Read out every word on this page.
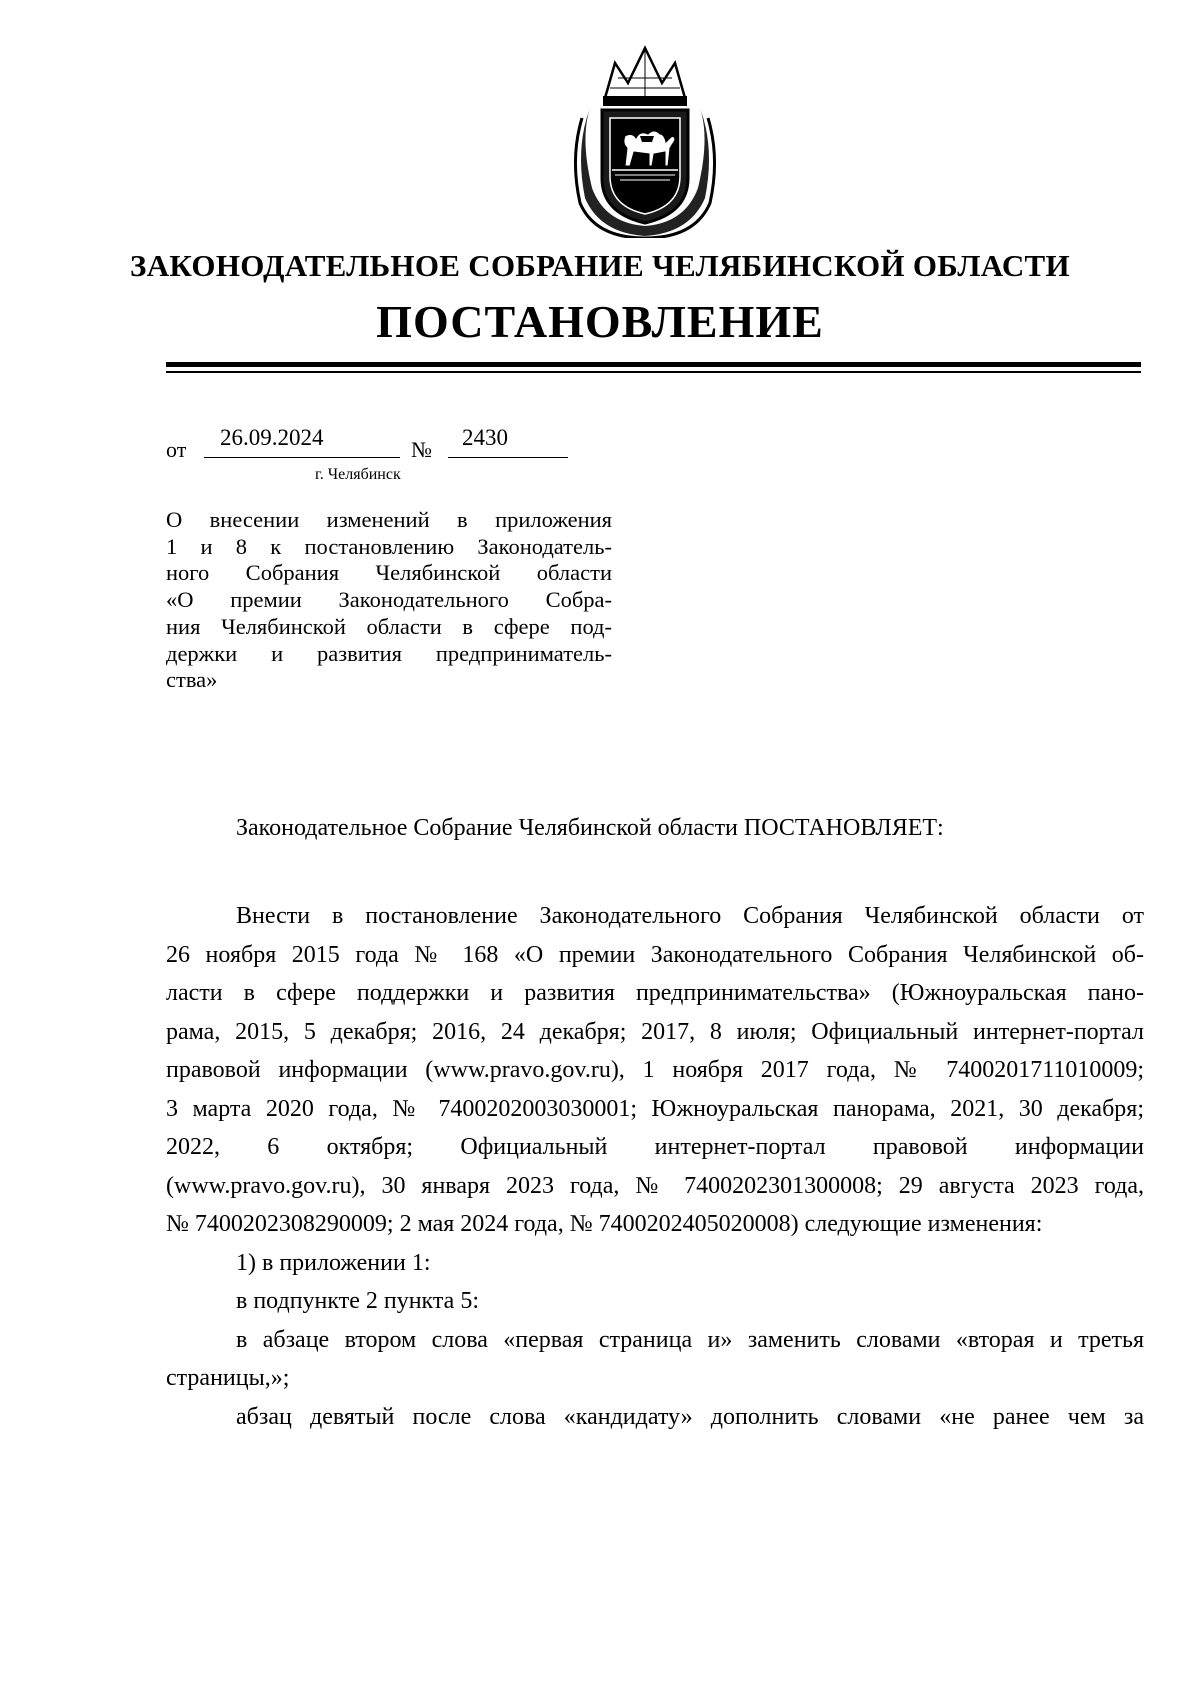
ЗАКОНОДАТЕЛЬНОЕ СОБРАНИЕ ЧЕЛЯБИНСКОЙ ОБЛАСТИ
ПОСТАНОВЛЕНИЕ
от	26.09.2024	№	2430
г. Челябинск
О внесении изменений в приложения
1 и 8 к постановлению Законодатель-
ного Собрания Челябинской области
«О премии Законодательного Собра-
ния Челябинской области в сфере под-
держки и развития предприниматель-
ства»
Законодательное Собрание Челябинской области ПОСТАНОВЛЯЕТ:
Внести в постановление Законодательного Собрания Челябинской области от
26 ноября 2015 года № 168 «О премии Законодательного Собрания Челябинской об-
ласти в сфере поддержки и развития предпринимательства» (Южноуральская пано-
рама, 2015, 5 декабря; 2016, 24 декабря; 2017, 8 июля; Официальный интернет-портал
правовой информации (www.pravo.gov.ru), 1 ноября 2017 года, № 7400201711010009;
3 марта 2020 года, № 7400202003030001; Южноуральская панорама, 2021, 30 декабря;
2022, 6 октября; Официальный интернет-портал правовой информации
(www.pravo.gov.ru), 30 января 2023 года, № 7400202301300008; 29 августа 2023 года,
№ 7400202308290009; 2 мая 2024 года, № 7400202405020008) следующие изменения:
1) в приложении 1:
в подпункте 2 пункта 5:
в абзаце втором слова «первая страница и» заменить словами «вторая и третья
страницы,»;
абзац девятый после слова «кандидату» дополнить словами «не ранее чем за
